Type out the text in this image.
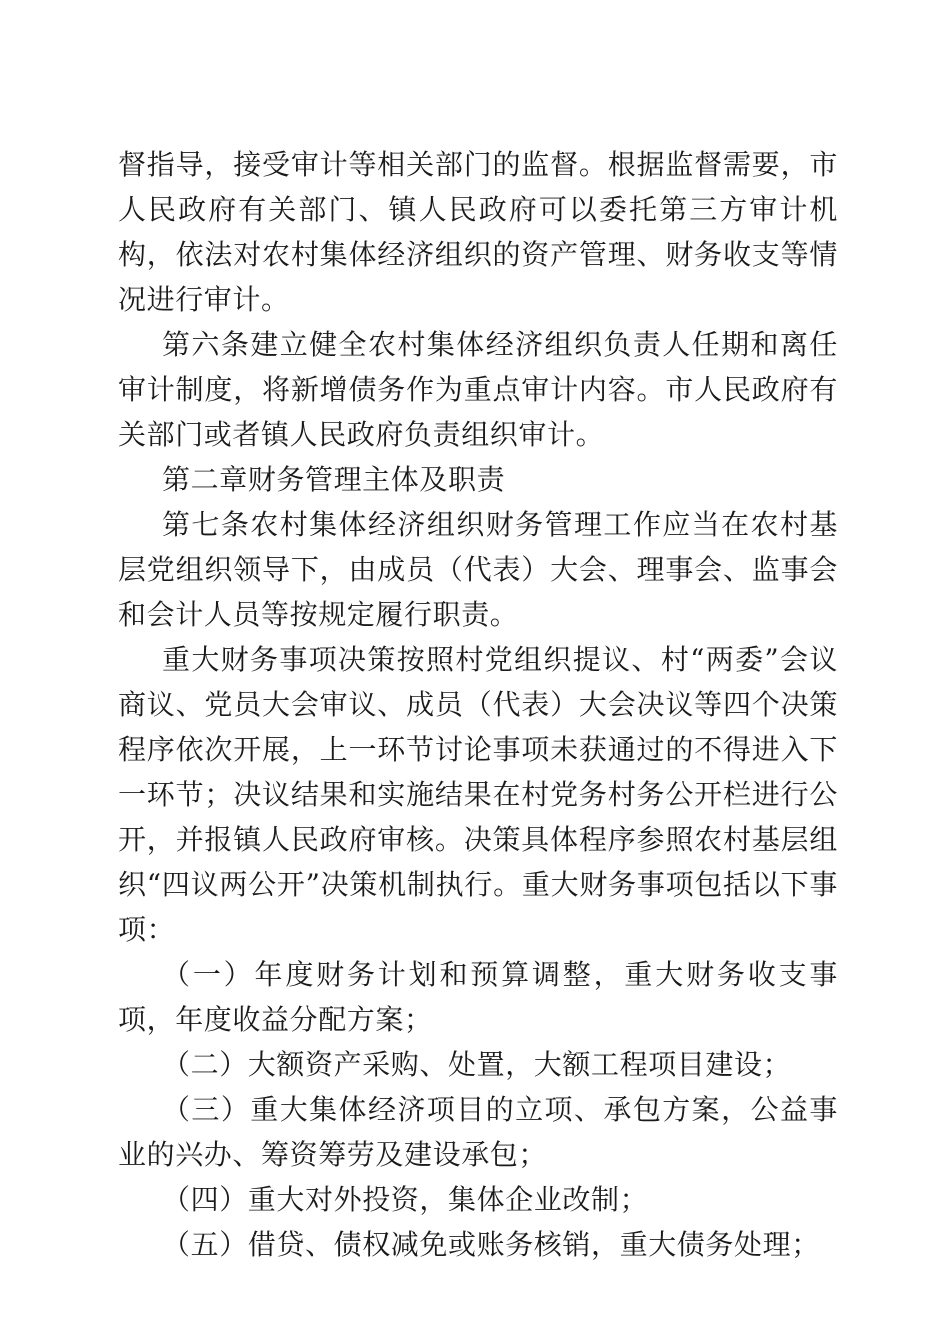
督指导，接受审计等相关部门的监督。根据监督需要，市人民政府有关部门、镇人民政府可以委托第三方审计机构，依法对农村集体经济组织的资产管理、财务收支等情况进行审计。

第六条建立健全农村集体经济组织负责人任期和离任审计制度，将新增债务作为重点审计内容。市人民政府有关部门或者镇人民政府负责组织审计。

第二章财务管理主体及职责

第七条农村集体经济组织财务管理工作应当在农村基层党组织领导下，由成员（代表）大会、理事会、监事会和会计人员等按规定履行职责。

重大财务事项决策按照村党组织提议、村“两委”会议商议、党员大会审议、成员（代表）大会决议等四个决策程序依次开展，上一环节讨论事项未获通过的不得进入下一环节；决议结果和实施结果在村党务村务公开栏进行公开，并报镇人民政府审核。决策具体程序参照农村基层组织“四议两公开”决策机制执行。重大财务事项包括以下事项：

（一）年度财务计划和预算调整，重大财务收支事项，年度收益分配方案；

（二）大额资产采购、处置，大额工程项目建设；

（三）重大集体经济项目的立项、承包方案，公益事业的兴办、筹资筹劳及建设承包；

（四）重大对外投资，集体企业改制；

（五）借贷、债权减免或账务核销，重大债务处理；
